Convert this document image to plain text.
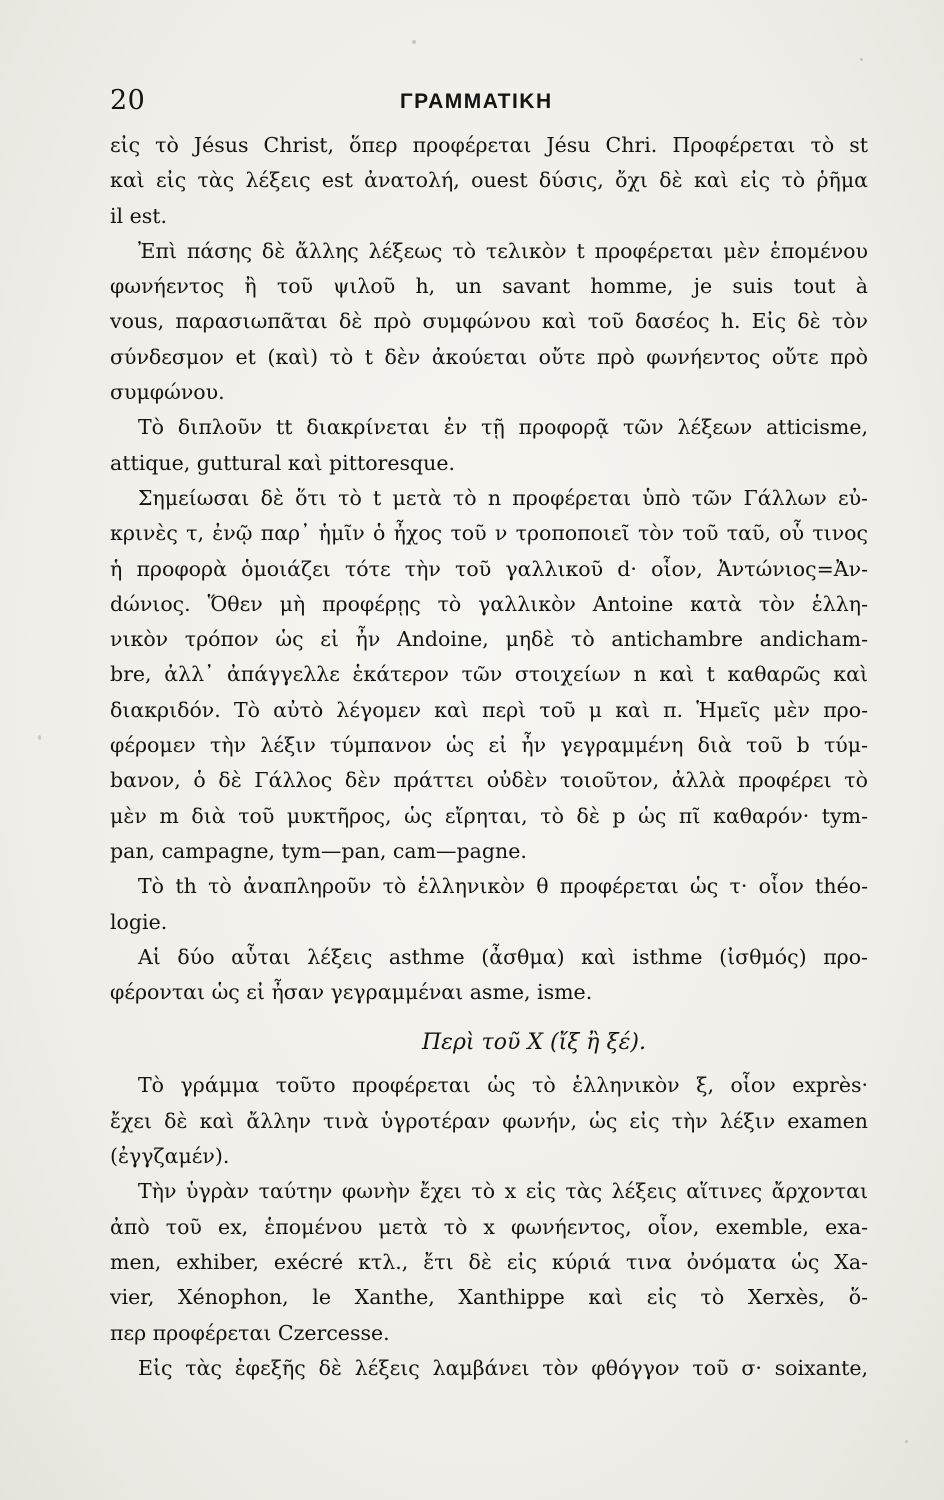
20	ΓΡΑΜΜΑΤΙΚΗ
εἰς τὸ Jésus Christ, ὅπερ προφέρεται Jésu Chri. Προφέρεται τὸ st
καὶ εἰς τὰς λέξεις est ἀνατολή, ouest δύσις, ὄχι δὲ καὶ εἰς τὸ ῥῆμα
il est.
Ἐπὶ πάσης δὲ ἄλλης λέξεως τὸ τελικὸν t προφέρεται μὲν ἑπομένου
φωνήεντος ἢ τοῦ ψιλοῦ h, un savant homme, je suis tout à
vous, παρασιωπᾶται δὲ πρὸ συμφώνου καὶ τοῦ δασέος h. Εἰς δὲ τὸν
σύνδεσμον et (καὶ) τὸ t δὲν ἀκούεται οὔτε πρὸ φωνήεντος οὔτε πρὸ
συμφώνου.
Τὸ διπλοῦν tt διακρίνεται ἐν τῇ προφορᾷ τῶν λέξεων atticisme,
attique, guttural καὶ pittoresque.
Σημείωσαι δὲ ὅτι τὸ t μετὰ τὸ n προφέρεται ὑπὸ τῶν Γάλλων εὐ-
κρινὲς τ, ἐνῷ παρ᾽ ἡμῖν ὁ ἦχος τοῦ ν τροποποιεῖ τὸν τοῦ ταῦ, οὗ τινος
ἡ προφορὰ ὁμοιάζει τότε τὴν τοῦ γαλλικοῦ d· οἷον, Ἀντώνιος=Ἀν-
dώνιος. Ὅθεν μὴ προφέρῃς τὸ γαλλικὸν Antoine κατὰ τὸν ἑλλη-
νικὸν τρόπον ὡς εἰ ἦν Andoine, μηδὲ τὸ antichambre andicham-
bre, ἀλλ᾽ ἀπάγγελλε ἑκάτερον τῶν στοιχείων n καὶ t καθαρῶς καὶ
διακριδόν. Τὸ αὐτὸ λέγομεν καὶ περὶ τοῦ μ καὶ π. Ἡμεῖς μὲν προ-
φέρομεν τὴν λέξιν τύμπανον ὡς εἰ ἦν γεγραμμένη διὰ τοῦ b τύμ-
bανον, ὁ δὲ Γάλλος δὲν πράττει οὐδὲν τοιοῦτον, ἀλλὰ προφέρει τὸ
μὲν m διὰ τοῦ μυκτῆρος, ὡς εἴρηται, τὸ δὲ p ὡς πῖ καθαρόν· tym-
pan, campagne, tym—pan, cam—pagne.
Τὸ th τὸ ἀναπληροῦν τὸ ἑλληνικὸν θ προφέρεται ὡς τ· οἷον théo-
logie.
Αἱ δύο αὗται λέξεις asthme (ἆσθμα) καὶ isthme (ἰσθμός) προ-
φέρονται ὡς εἰ ἦσαν γεγραμμέναι asme, isme.
Περὶ τοῦ X (ἴξ ἢ ξέ).
Τὸ γράμμα τοῦτο προφέρεται ὡς τὸ ἑλληνικὸν ξ, οἷον exprès·
ἔχει δὲ καὶ ἄλλην τινὰ ὑγροτέραν φωνήν, ὡς εἰς τὴν λέξιν examen
(ἐγγζαμέν).
Τὴν ὑγρὰν ταύτην φωνὴν ἔχει τὸ x εἰς τὰς λέξεις αἵτινες ἄρχονται
ἀπὸ τοῦ ex, ἑπομένου μετὰ τὸ x φωνήεντος, οἷον, exemble, exa-
men, exhiber, exécré κτλ., ἔτι δὲ εἰς κύριά τινα ὀνόματα ὡς Xa-
vier, Xénophon, le Xanthe, Xanthippe καὶ εἰς τὸ Xerxès, ὅ-
περ προφέρεται Czercesse.
Εἰς τὰς ἐφεξῆς δὲ λέξεις λαμβάνει τὸν φθόγγον τοῦ σ· soixante,
